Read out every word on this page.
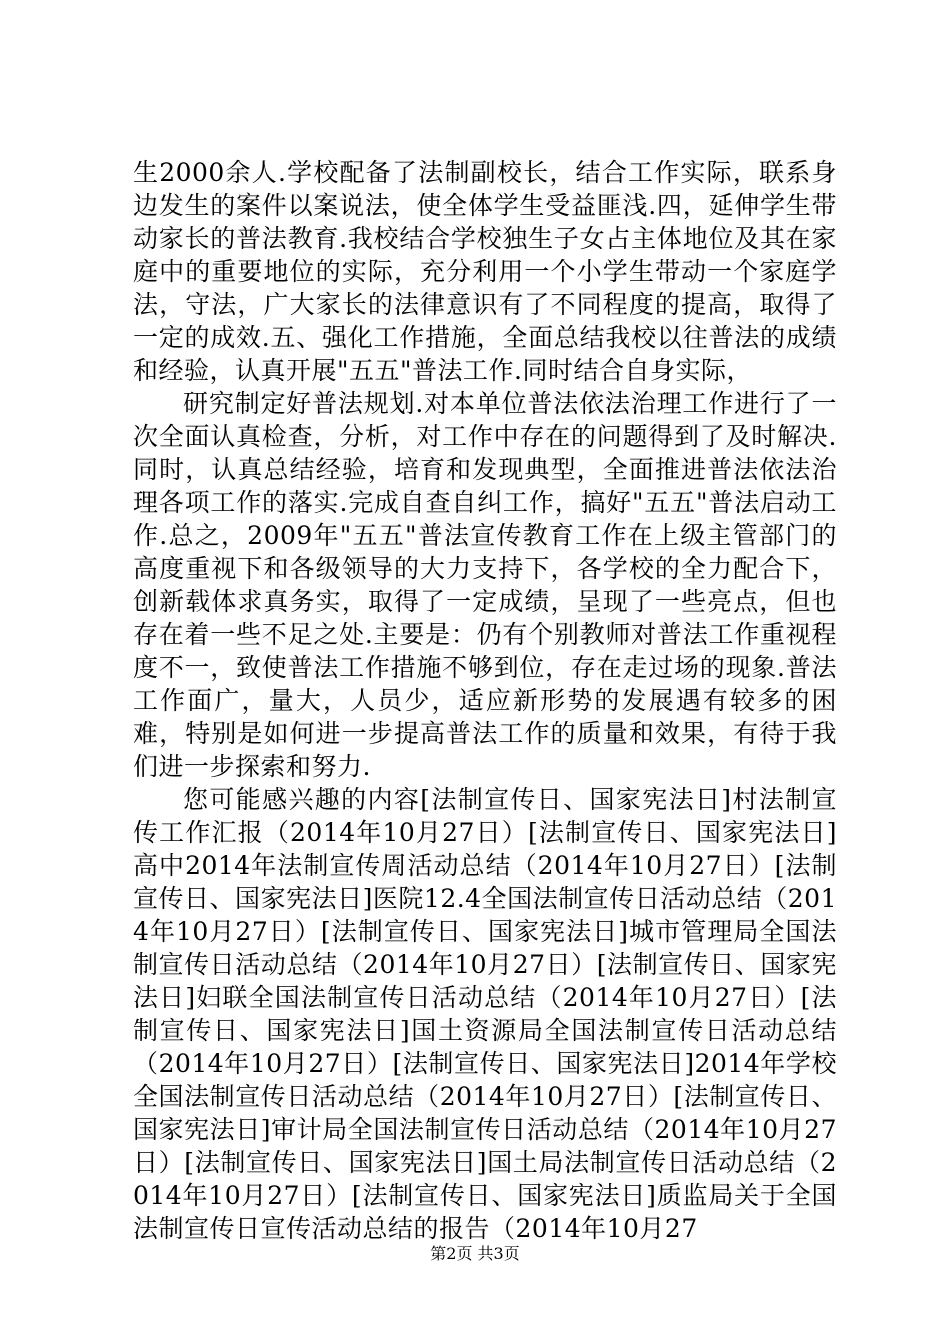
生2000余人.学校配备了法制副校长，结合工作实际，联系身边发生的案件以案说法，使全体学生受益匪浅.四，延伸学生带动家长的普法教育.我校结合学校独生子女占主体地位及其在家庭中的重要地位的实际，充分利用一个小学生带动一个家庭学法，守法，广大家长的法律意识有了不同程度的提高，取得了一定的成效.五、强化工作措施，全面总结我校以往普法的成绩和经验，认真开展"五五"普法工作.同时结合自身实际，

研究制定好普法规划.对本单位普法依法治理工作进行了一次全面认真检查，分析，对工作中存在的问题得到了及时解决.同时，认真总结经验，培育和发现典型，全面推进普法依法治理各项工作的落实.完成自查自纠工作，搞好"五五"普法启动工作.总之，2009年"五五"普法宣传教育工作在上级主管部门的高度重视下和各级领导的大力支持下，各学校的全力配合下，创新载体求真务实，取得了一定成绩，呈现了一些亮点，但也存在着一些不足之处.主要是：仍有个别教师对普法工作重视程度不一，致使普法工作措施不够到位，存在走过场的现象.普法工作面广，量大，人员少，适应新形势的发展遇有较多的困难，特别是如何进一步提高普法工作的质量和效果，有待于我们进一步探索和努力.

您可能感兴趣的内容[法制宣传日、国家宪法日]村法制宣传工作汇报（2014年10月27日）[法制宣传日、国家宪法日]高中2014年法制宣传周活动总结（2014年10月27日）[法制宣传日、国家宪法日]医院12.4全国法制宣传日活动总结（2014年10月27日）[法制宣传日、国家宪法日]城市管理局全国法制宣传日活动总结（2014年10月27日）[法制宣传日、国家宪法日]妇联全国法制宣传日活动总结（2014年10月27日）[法制宣传日、国家宪法日]国土资源局全国法制宣传日活动总结（2014年10月27日）[法制宣传日、国家宪法日]2014年学校全国法制宣传日活动总结（2014年10月27日）[法制宣传日、国家宪法日]审计局全国法制宣传日活动总结（2014年10月27日）[法制宣传日、国家宪法日]国土局法制宣传日活动总结（2014年10月27日）[法制宣传日、国家宪法日]质监局关于全国法制宣传日宣传活动总结的报告（2014年10月27

第2页 共3页
